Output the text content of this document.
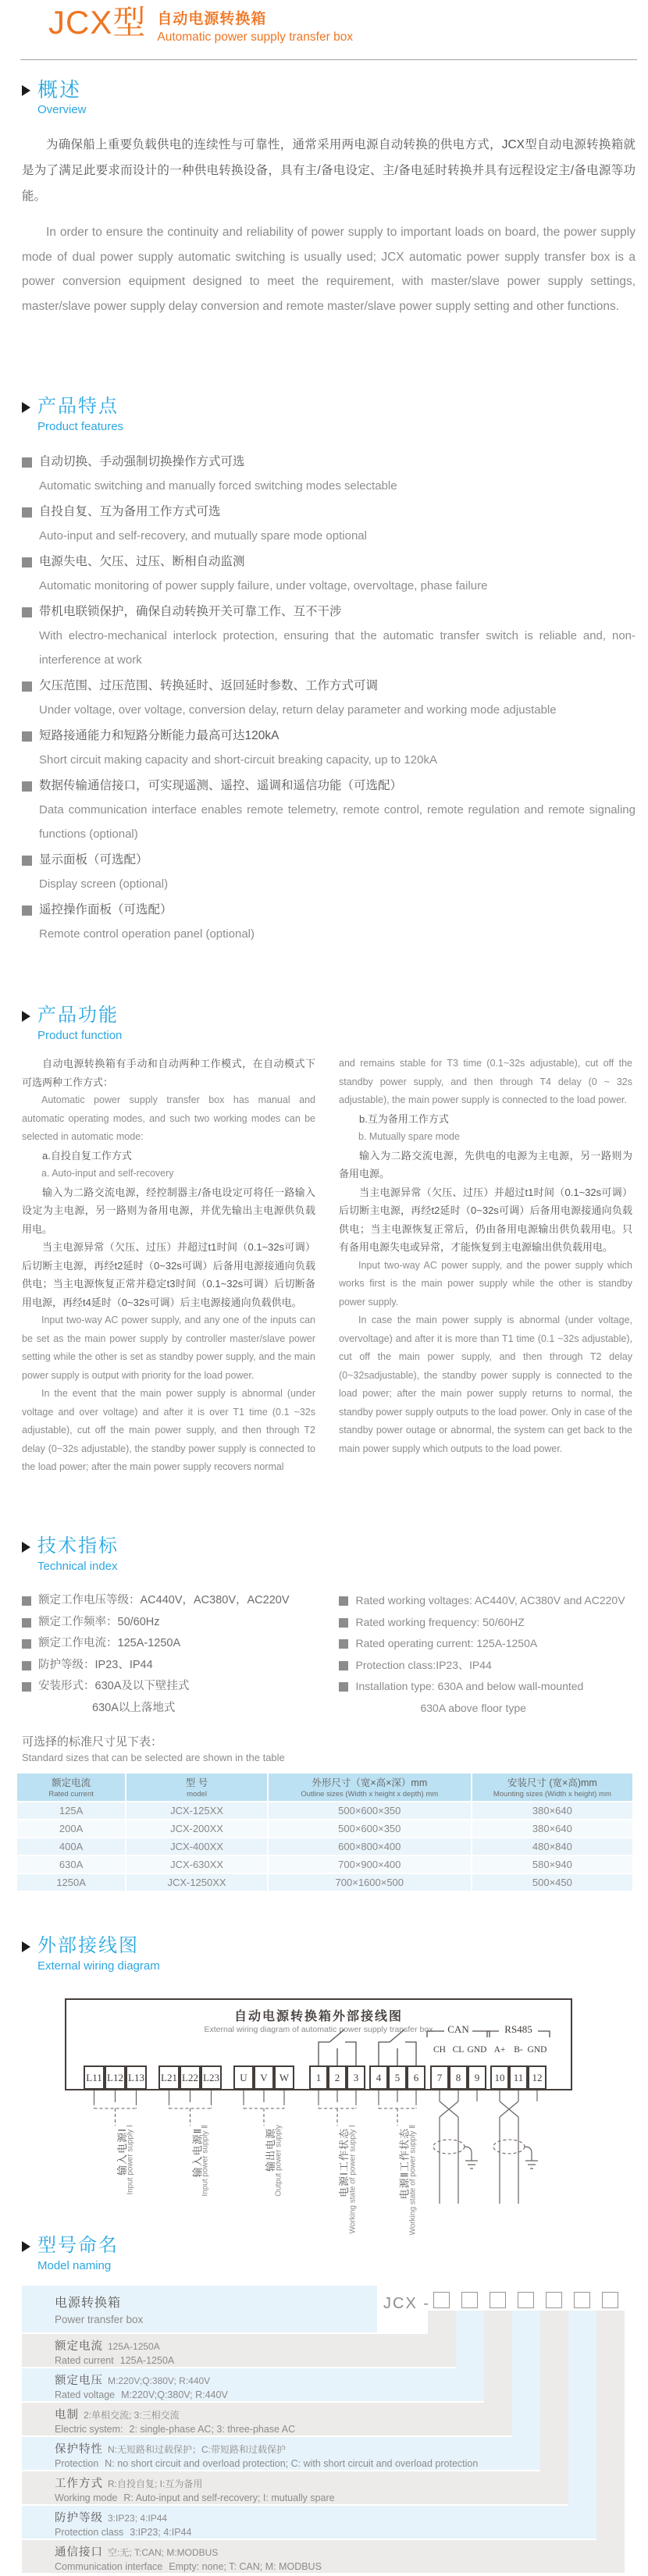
JCX型 自动电源转换箱
Automatic power supply transfer box
概述
Overview
为确保船上重要负载供电的连续性与可靠性，通常采用两电源自动转换的供电方式，JCX型自动电源转换箱就是为了满足此要求而设计的一种供电转换设备，具有主/备电设定、主/备电延时转换并具有远程设定主/备电源等功能。
In order to ensure the continuity and reliability of power supply to important loads on board, the power supply mode of dual power supply automatic switching is usually used; JCX automatic power supply transfer box is a power conversion equipment designed to meet the requirement, with master/slave power supply settings, master/slave power supply delay conversion and remote master/slave power supply setting and other functions.
产品特点
Product features
自动切换、手动强制切换操作方式可选
Automatic switching and manually forced switching modes selectable
自投自复、互为备用工作方式可选
Auto-input and self-recovery, and mutually spare mode optional
电源失电、欠压、过压、断相自动监测
Automatic monitoring of power supply failure, under voltage, overvoltage, phase failure
带机电联锁保护，确保自动转换开关可靠工作、互不干涉
With electro-mechanical interlock protection, ensuring that the automatic transfer switch is reliable and, non-interference at work
欠压范围、过压范围、转换延时、返回延时参数、工作方式可调
Under voltage, over voltage, conversion delay, return delay parameter and working mode adjustable
短路接通能力和短路分断能力最高可达120kA
Short circuit making capacity and short-circuit breaking capacity, up to 120kA
数据传输通信接口，可实现遥测、遥控、遥调和遥信功能（可选配）
Data communication interface enables remote telemetry, remote control, remote regulation and remote signaling functions (optional)
显示面板（可选配）
Display screen (optional)
遥控操作面板（可选配）
Remote control operation panel (optional)
产品功能
Product function
自动电源转换箱有手动和自动两种工作模式，在自动模式下可选两种工作方式：
Automatic power supply transfer box has manual and automatic operating modes, and such two working modes can be selected in automatic mode:
a.自投自复工作方式
a. Auto-input and self-recovery
输入为二路交流电源，经控制器主/备电设定可将任一路输入设定为主电源，另一路则为备用电源，并优先输出主电源供负载用电。
当主电源异常（欠压、过压）并超过t1时间（0.1~32s可调）后切断主电源，再经t2延时（0~32s可调）后备用电源接通向负载供电；当主电源恢复正常并稳定t3时间（0.1~32s可调）后切断备用电源，再经t4延时（0~32s可调）后主电源接通向负载供电。
Input two-way AC power supply, and any one of the inputs can be set as the main power supply by controller master/slave power setting while the other is set as standby power supply, and the main power supply is output with priority for the load power.
In the event that the main power supply is abnormal (under voltage and over voltage) and after it is over T1 time (0.1 ~32s adjustable), cut off the main power supply, and then through T2 delay (0~32s adjustable), the standby power supply is connected to the load power; after the main power supply recovers normal
and remains stable for T3 time (0.1~32s adjustable), cut off the standby power supply, and then through T4 delay (0 ~ 32s adjustable), the main power supply is connected to the load power.
b.互为备用工作方式
b. Mutually spare mode
输入为二路交流电源，先供电的电源为主电源，另一路则为备用电源。
当主电源异常（欠压、过压）并超过t1时间（0.1~32s可调）后切断主电源，再经t2延时（0~32s可调）后备用电源接通向负载供电；当主电源恢复正常后，仍由备用电源输出供负载用电。只有备用电源失电或异常，才能恢复到主电源输出供负载用电。
Input two-way AC power supply, and the power supply which works first is the main power supply while the other is standby power supply.
In case the main power supply is abnormal (under voltage, overvoltage) and after it is more than T1 time (0.1 ~32s adjustable), cut off the main power supply, and then through T2 delay (0~32sadjustable), the standby power supply is connected to the load power; after the main power supply returns to normal, the standby power supply outputs to the load power. Only in case of the standby power outage or abnormal, the system can get back to the main power supply which outputs to the load power.
技术指标
Technical index
额定工作电压等级：AC440V，AC380V，AC220V
额定工作频率：50/60Hz
额定工作电流：125A-1250A
防护等级：IP23、IP44
安装形式：630A及以下壁挂式
630A以上落地式
Rated working voltages: AC440V, AC380V and AC220V
Rated working frequency: 50/60HZ
Rated operating current: 125A-1250A
Protection class:IP23、IP44
Installation type: 630A and below wall-mounted
630A above floor type
可选择的标准尺寸见下表：
Standard sizes that can be selected are shown in the table
额定电流
Rated current

型 号
model

外形尺寸（宽×高×深）mm
Outline sizes (Width x height x depth) mm

安装尺寸 (宽×高)mm
Mounting sizes (Width x height) mm

125A	JCX-125XX	500×600×350	380×640
200A	JCX-200XX	500×600×350	380×640
400A	JCX-400XX	600×800×400	480×840
630A	JCX-630XX	700×900×400	580×940
1250A	JCX-1250XX	700×1600×500	500×450
外部接线图
External wiring diagram
自动电源转换箱外部接线图
External wiring diagram of automatic power supply transfer box	CAN	RS485
CH CL GND A+ B- GND
L11 L12 L13 L21 L22 L23	U	V	W	1	2	3	4	5	6	7	8	9	10 11 12
输入电源Ⅰ
Input power supply Ⅰ	输入电源Ⅱ
Input power supply Ⅱ	输出电源
Output power supply	电源Ⅰ工作状态
Working state of power supply Ⅰ	电源Ⅱ工作状态
Working state of power supply Ⅱ
型号命名
Model naming
电源转换箱
Power transfer box
额定电流 125A-1250A
Rated current 125A-1250A
额定电压 M:220V;Q:380V; R:440V
Rated voltage M:220V;Q:380V; R:440V
电制 2:单相交流; 3:三相交流
Electric system: 2: single-phase AC; 3: three-phase AC
保护特性 N:无短路和过载保护；C:带短路和过载保护
Protection N: no short circuit and overload protection; C: with short circuit and overload protection
工作方式 R:自投自复; I:互为备用
Working mode R: Auto-input and self-recovery; I: mutually spare
防护等级 3:IP23; 4:IP44
Protection class 3:IP23; 4:IP44
通信接口 空:无; T:CAN; M:MODBUS
Communication interface Empty: none; T: CAN; M: MODBUS
JCX -
